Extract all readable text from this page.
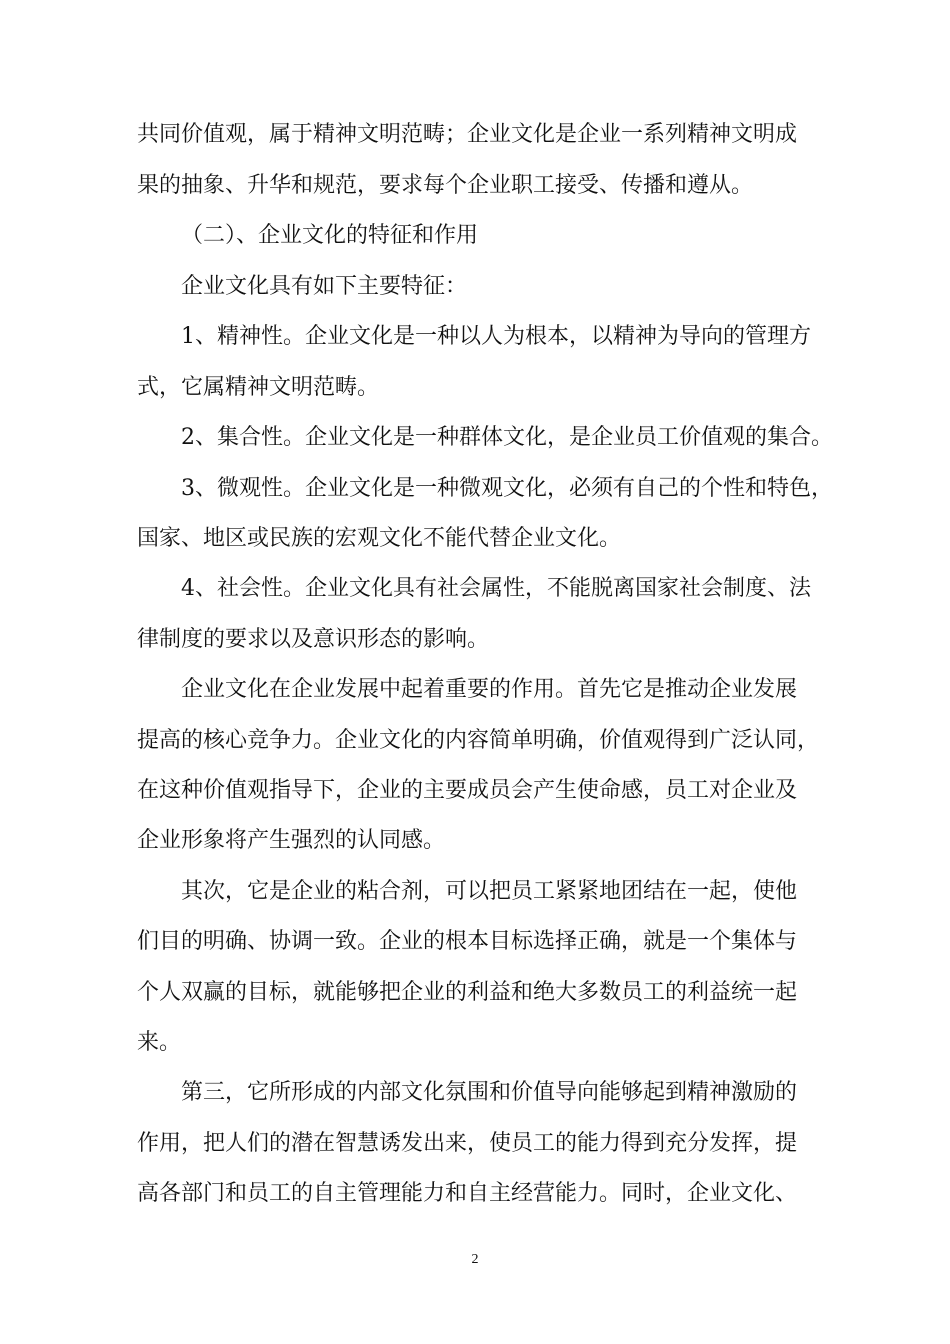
共同价值观，属于精神文明范畴；企业文化是企业一系列精神文明成

果的抽象、升华和规范，要求每个企业职工接受、传播和遵从。

（二）、企业文化的特征和作用

企业文化具有如下主要特征：

1、精神性。企业文化是一种以人为根本，以精神为导向的管理方

式，它属精神文明范畴。

2、集合性。企业文化是一种群体文化，是企业员工价值观的集合。

3、微观性。企业文化是一种微观文化，必须有自己的个性和特色，

国家、地区或民族的宏观文化不能代替企业文化。

4、社会性。企业文化具有社会属性，不能脱离国家社会制度、法

律制度的要求以及意识形态的影响。

企业文化在企业发展中起着重要的作用。首先它是推动企业发展

提高的核心竞争力。企业文化的内容简单明确，价值观得到广泛认同，

在这种价值观指导下，企业的主要成员会产生使命感，员工对企业及

企业形象将产生强烈的认同感。

其次，它是企业的粘合剂，可以把员工紧紧地团结在一起，使他

们目的明确、协调一致。企业的根本目标选择正确，就是一个集体与

个人双赢的目标，就能够把企业的利益和绝大多数员工的利益统一起

来。

第三，它所形成的内部文化氛围和价值导向能够起到精神激励的

作用，把人们的潜在智慧诱发出来，使员工的能力得到充分发挥，提

高各部门和员工的自主管理能力和自主经营能力。同时，企业文化、

2
